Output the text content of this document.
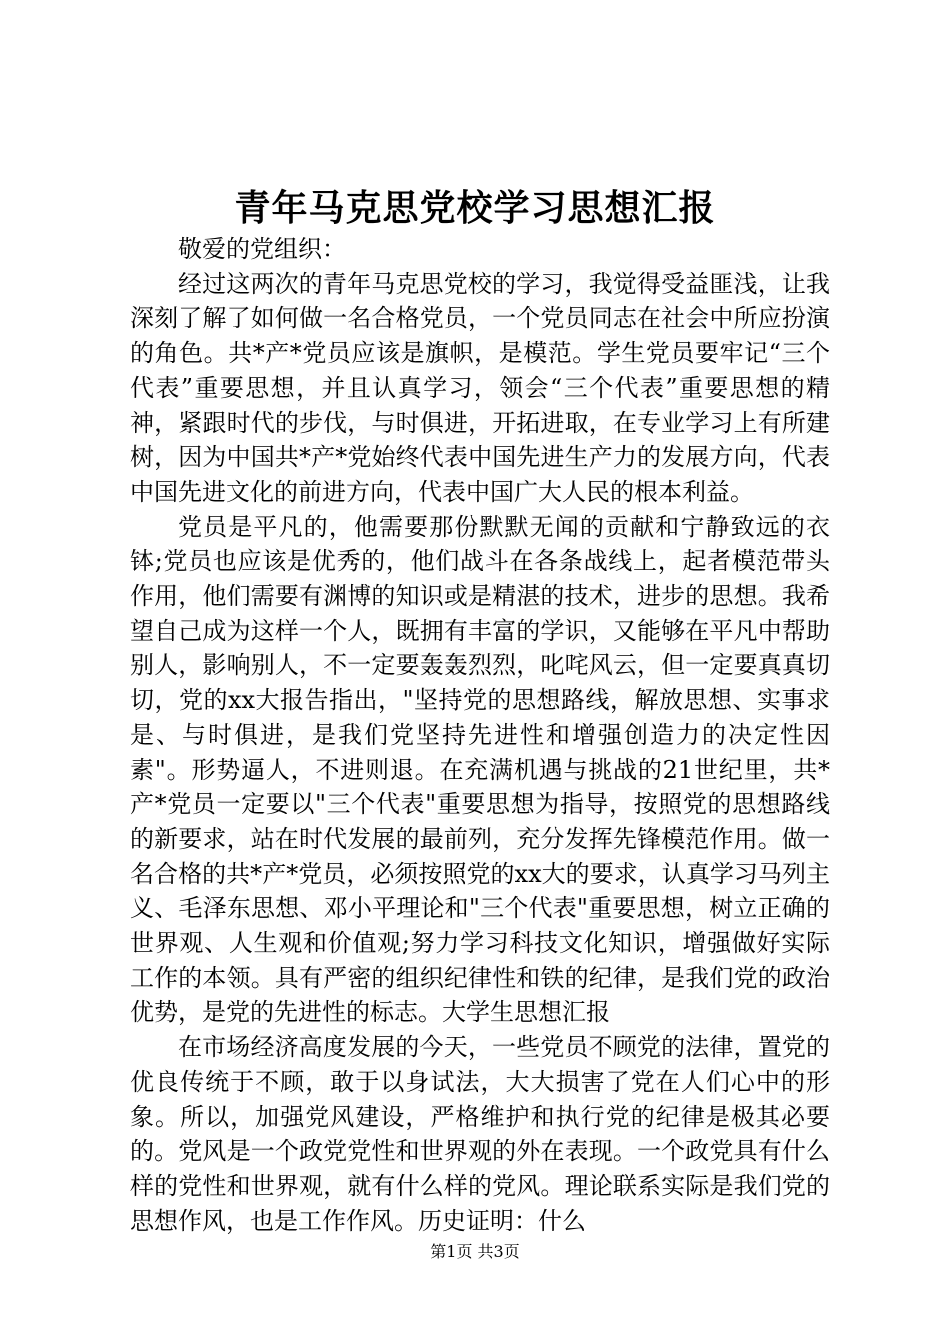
青年马克思党校学习思想汇报

敬爱的党组织：

经过这两次的青年马克思党校的学习，我觉得受益匪浅，让我深刻了解了如何做一名合格党员，一个党员同志在社会中所应扮演的角色。共*产*党员应该是旗帜，是模范。学生党员要牢记“三个代表”重要思想，并且认真学习，领会“三个代表”重要思想的精神，紧跟时代的步伐，与时俱进，开拓进取，在专业学习上有所建树，因为中国共*产*党始终代表中国先进生产力的发展方向，代表中国先进文化的前进方向，代表中国广大人民的根本利益。

党员是平凡的，他需要那份默默无闻的贡献和宁静致远的衣钵;党员也应该是优秀的，他们战斗在各条战线上，起者模范带头作用，他们需要有渊博的知识或是精湛的技术，进步的思想。我希望自己成为这样一个人，既拥有丰富的学识，又能够在平凡中帮助别人，影响别人，不一定要轰轰烈烈，叱咤风云，但一定要真真切切，党的xx大报告指出，"坚持党的思想路线，解放思想、实事求是、与时俱进，是我们党坚持先进性和增强创造力的决定性因素"。形势逼人，不进则退。在充满机遇与挑战的21世纪里，共*产*党员一定要以"三个代表"重要思想为指导，按照党的思想路线的新要求，站在时代发展的最前列，充分发挥先锋模范作用。做一名合格的共*产*党员，必须按照党的xx大的要求，认真学习马列主义、毛泽东思想、邓小平理论和"三个代表"重要思想，树立正确的世界观、人生观和价值观;努力学习科技文化知识，增强做好实际工作的本领。具有严密的组织纪律性和铁的纪律，是我们党的政治优势，是党的先进性的标志。大学生思想汇报

在市场经济高度发展的今天，一些党员不顾党的法律，置党的优良传统于不顾，敢于以身试法，大大损害了党在人们心中的形象。所以，加强党风建设，严格维护和执行党的纪律是极其必要的。党风是一个政党党性和世界观的外在表现。一个政党具有什么样的党性和世界观，就有什么样的党风。理论联系实际是我们党的思想作风，也是工作作风。历史证明：什么

第1页 共3页
